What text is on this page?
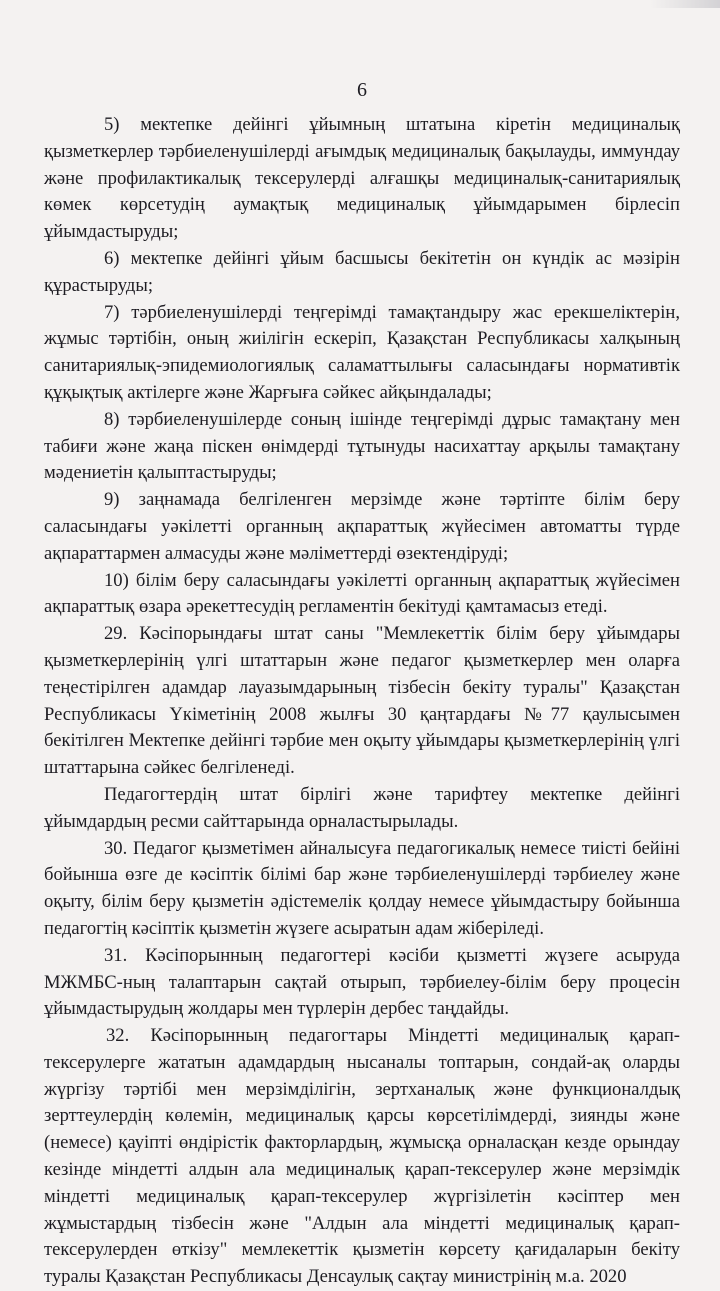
6

5) мектепке дейінгі ұйымның штатына кіретін медициналық қызметкерлер тәрбиеленушілерді ағымдық медициналық бақылауды, иммундау және профилактикалық тексерулерді алғашқы медициналық-санитариялық көмек көрсетудің аумақтық медициналық ұйымдарымен бірлесіп ұйымдастыруды;

6) мектепке дейінгі ұйым басшысы бекітетін он күндік ас мәзірін құрастыруды;

7) тәрбиеленушілерді теңгерімді тамақтандыру жас ерекшеліктерін, жұмыс тәртібін, оның жиілігін ескеріп, Қазақстан Республикасы халқының санитариялық-эпидемиологиялық саламаттылығы саласындағы нормативтік құқықтық актілерге және Жарғыға сәйкес айқындалады;

8) тәрбиеленушілерде соның ішінде теңгерімді дұрыс тамақтану мен табиғи және жаңа піскен өнімдерді тұтынуды насихаттау арқылы тамақтану мәдениетін қалыптастыруды;

9) заңнамада белгіленген мерзімде және тәртіпте білім беру саласындағы уәкілетті органның ақпараттық жүйесімен автоматты түрде ақпараттармен алмасуды және мәліметтерді өзектендіруді;

10) білім беру саласындағы уәкілетті органның ақпараттық жүйесімен ақпараттық өзара әрекеттесудің регламентін бекітуді қамтамасыз етеді.

29. Кәсіпорындағы штат саны "Мемлекеттік білім беру ұйымдары қызметкерлерінің үлгі штаттарын және педагог қызметкерлер мен оларға теңестірілген адамдар лауазымдарының тізбесін бекіту туралы" Қазақстан Республикасы Үкіметінің 2008 жылғы 30 қаңтардағы №77 қаулысымен бекітілген Мектепке дейінгі тәрбие мен оқыту ұйымдары қызметкерлерінің үлгі штаттарына сәйкес белгіленеді.

Педагогтердің штат бірлігі және тарифтеу мектепке дейінгі ұйымдардың ресми сайттарында орналастырылады.

30. Педагог қызметімен айналысуға педагогикалық немесе тиісті бейіні бойынша өзге де кәсіптік білімі бар және тәрбиеленушілерді тәрбиелеу және оқыту, білім беру қызметін әдістемелік қолдау немесе ұйымдастыру бойынша педагогтің кәсіптік қызметін жүзеге асыратын адам жіберіледі.

31. Кәсіпорынның педагогтері кәсіби қызметті жүзеге асыруда МЖМБС-ның талаптарын сақтай отырып, тәрбиелеу-білім беру процесін ұйымдастырудың жолдары мен түрлерін дербес таңдайды.

32. Кәсіпорынның педагогтары Міндетті медициналық қарап-тексерулерге жататын адамдардың нысаналы топтарын, сондай-ақ оларды жүргізу тәртібі мен мерзімділігін, зертханалық және функционалдық зерттеулердің көлемін, медициналық қарсы көрсетілімдерді, зиянды және (немесе) қауіпті өндірістік факторлардың, жұмысқа орналасқан кезде орындау кезінде міндетті алдын ала медициналық қарап-тексерулер және мерзімдік міндетті медициналық қарап-тексерулер жүргізілетін кәсіптер мен жұмыстардың тізбесін және "Алдын ала міндетті медициналық қарап-тексерулерден өткізу" мемлекеттік қызметін көрсету қағидаларын бекіту туралы Қазақстан Республикасы Денсаулық сақтау министрінің м.а. 2020
